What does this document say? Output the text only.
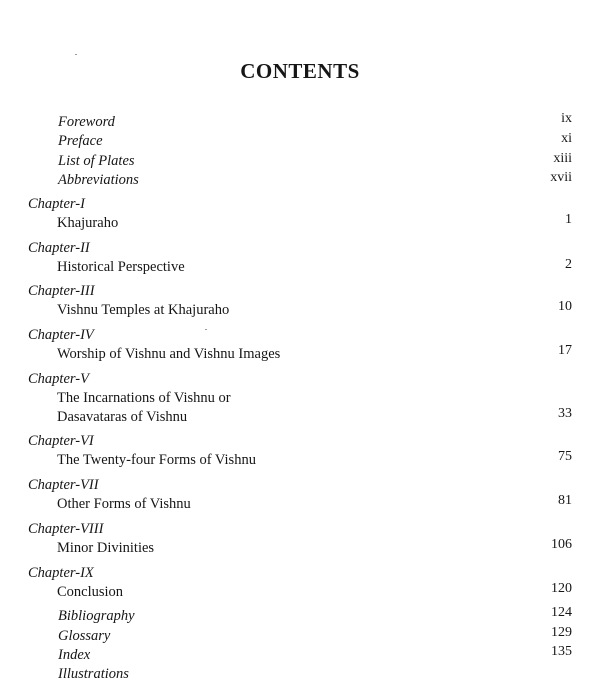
CONTENTS
Foreword	ix
Preface	xi
List of Plates	xiii
Abbreviations	xvii
Chapter-I
Khajuraho	1
Chapter-II
Historical Perspective	2
Chapter-III
Vishnu Temples at Khajuraho	10
Chapter-IV
Worship of Vishnu and Vishnu Images	17
Chapter-V
The Incarnations of Vishnu or
Dasavataras of Vishnu	33
Chapter-VI
The Twenty-four Forms of Vishnu	75
Chapter-VII
Other Forms of Vishnu	81
Chapter-VIII
Minor Divinities	106
Chapter-IX
Conclusion	120
Bibliography	124
Glossary	129
Index	135
Illustrations
